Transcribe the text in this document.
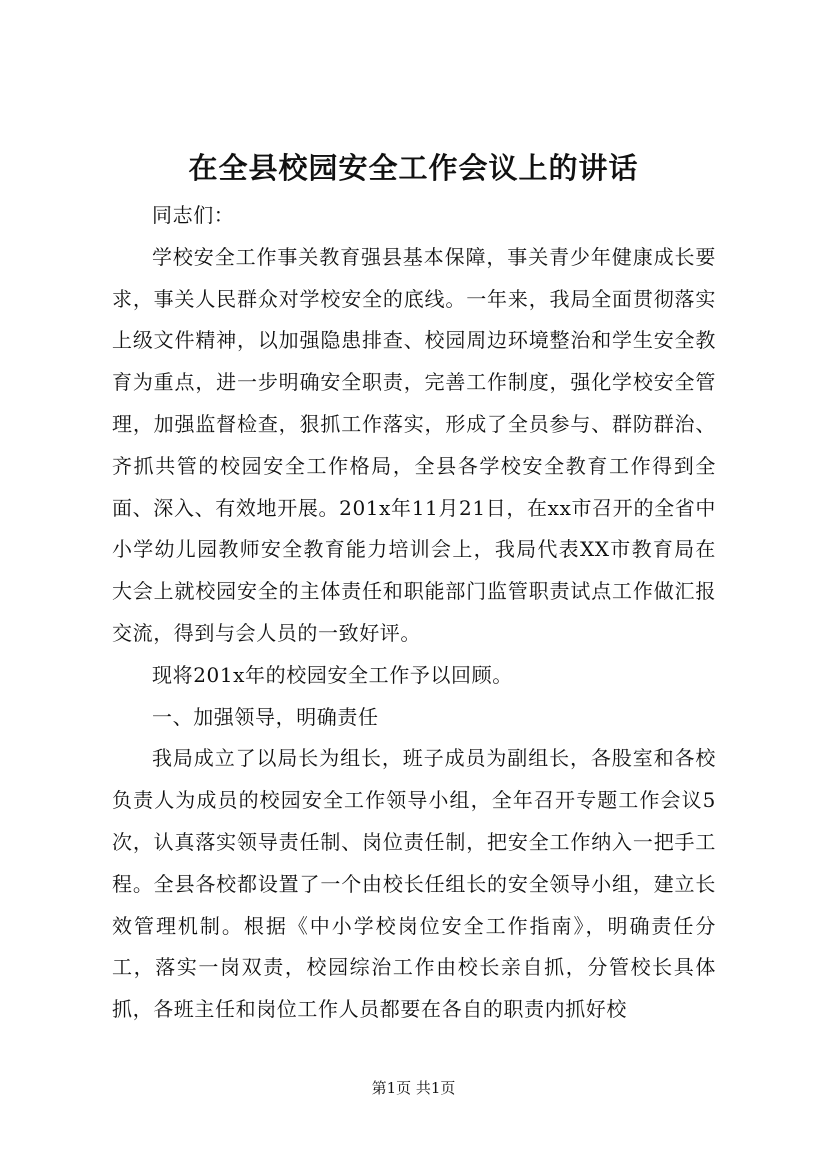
在全县校园安全工作会议上的讲话

同志们：

学校安全工作事关教育强县基本保障，事关青少年健康成长要求，事关人民群众对学校安全的底线。一年来，我局全面贯彻落实上级文件精神，以加强隐患排查、校园周边环境整治和学生安全教育为重点，进一步明确安全职责，完善工作制度，强化学校安全管理，加强监督检查，狠抓工作落实，形成了全员参与、群防群治、齐抓共管的校园安全工作格局，全县各学校安全教育工作得到全面、深入、有效地开展。201x年11月21日，在xx市召开的全省中小学幼儿园教师安全教育能力培训会上，我局代表XX市教育局在大会上就校园安全的主体责任和职能部门监管职责试点工作做汇报交流，得到与会人员的一致好评。

现将201x年的校园安全工作予以回顾。

一、加强领导，明确责任

我局成立了以局长为组长，班子成员为副组长，各股室和各校负责人为成员的校园安全工作领导小组，全年召开专题工作会议5次，认真落实领导责任制、岗位责任制，把安全工作纳入一把手工程。全县各校都设置了一个由校长任组长的安全领导小组，建立长效管理机制。根据《中小学校岗位安全工作指南》，明确责任分工，落实一岗双责，校园综治工作由校长亲自抓，分管校长具体抓，各班主任和岗位工作人员都要在各自的职责内抓好校

第1页 共1页
